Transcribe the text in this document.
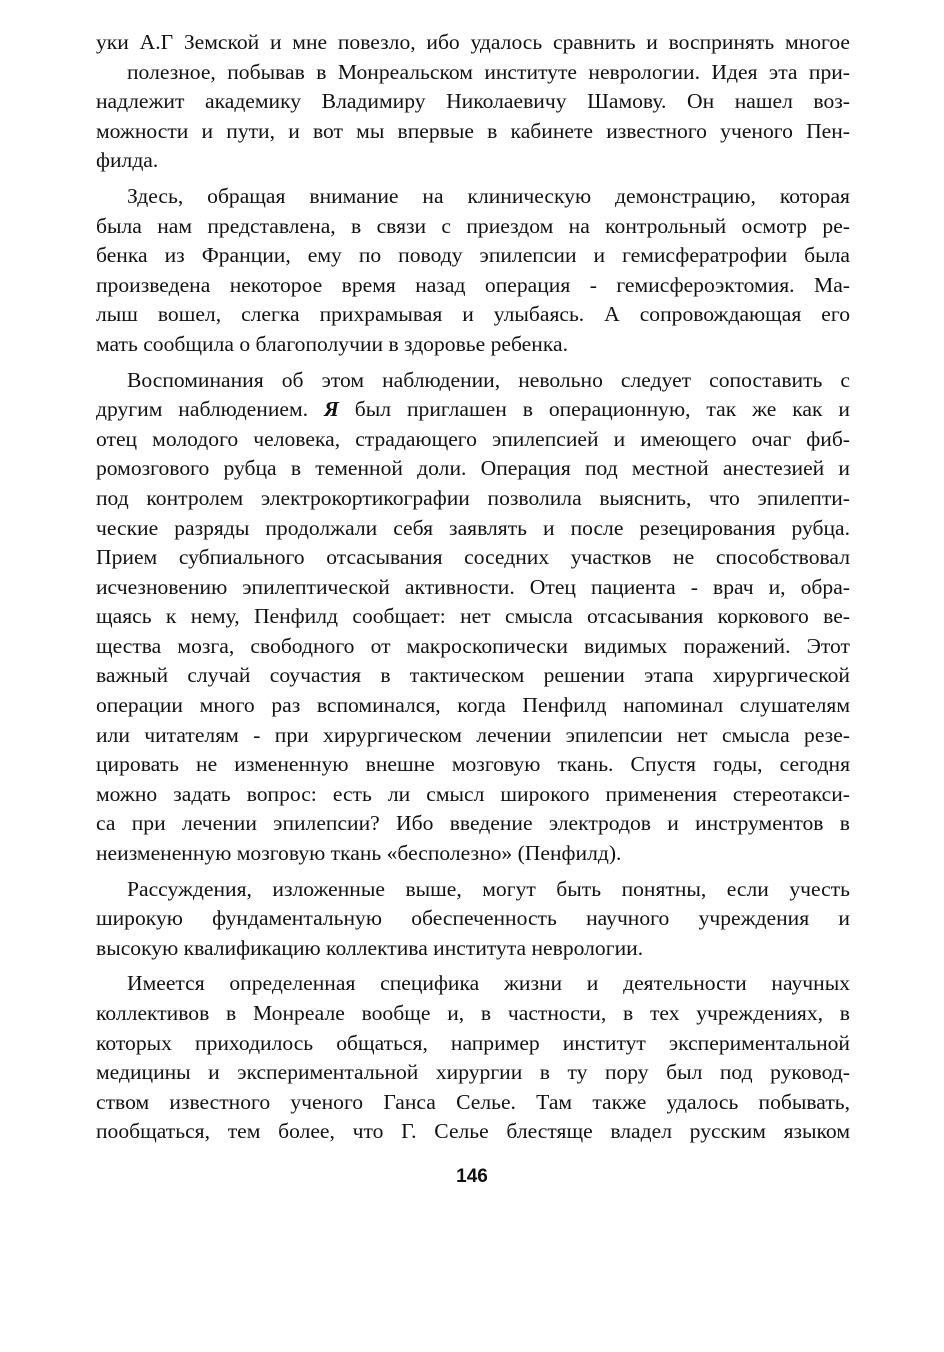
уки А.Г Земской и мне повезло, ибо удалось сравнить и воспринять многое
полезное, побывав в Монреальском институте неврологии. Идея эта при-
надлежит академику Владимиру Николаевичу Шамову. Он нашел воз-
можности и пути, и вот мы впервые в кабинете известного ученого Пен-
филда.
Здесь, обращая внимание на клиническую демонстрацию, которая
была нам представлена, в связи с приездом на контрольный осмотр ре-
бенка из Франции, ему по поводу эпилепсии и гемисфератрофии была
произведена некоторое время назад операция - гемисфероэктомия. Ма-
лыш вошел, слегка прихрамывая и улыбаясь. А сопровождающая его
мать сообщила о благополучии в здоровье ребенка.
Воспоминания об этом наблюдении, невольно следует сопоставить с
другим наблюдением. Я был приглашен в операционную, так же как и
отец молодого человека, страдающего эпилепсией и имеющего очаг фиб-
ромозгового рубца в теменной доли. Операция под местной анестезией и
под контролем электрокортикографии позволила выяснить, что эпилепти-
ческие разряды продолжали себя заявлять и после резецирования рубца.
Прием субпиального отсасывания соседних участков не способствовал
исчезновению эпилептической активности. Отец пациента - врач и, обра-
щаясь к нему, Пенфилд сообщает: нет смысла отсасывания коркового ве-
щества мозга, свободного от макроскопически видимых поражений. Этот
важный случай соучастия в тактическом решении этапа хирургической
операции много раз вспоминался, когда Пенфилд напоминал слушателям
или читателям - при хирургическом лечении эпилепсии нет смысла резе-
цировать не измененную внешне мозговую ткань. Спустя годы, сегодня
можно задать вопрос: есть ли смысл широкого применения стереотакси-
са при лечении эпилепсии? Ибо введение электродов и инструментов в
неизмененную мозговую ткань «бесполезно» (Пенфилд).
Рассуждения, изложенные выше, могут быть понятны, если учесть
широкую фундаментальную обеспеченность научного учреждения и
высокую квалификацию коллектива института неврологии.
Имеется определенная специфика жизни и деятельности научных
коллективов в Монреале вообще и, в частности, в тех учреждениях, в
которых приходилось общаться, например институт экспериментальной
медицины и экспериментальной хирургии в ту пору был под руковод-
ством известного ученого Ганса Селье. Там также удалось побывать,
пообщаться, тем более, что Г. Селье блестяще владел русским языком
146
